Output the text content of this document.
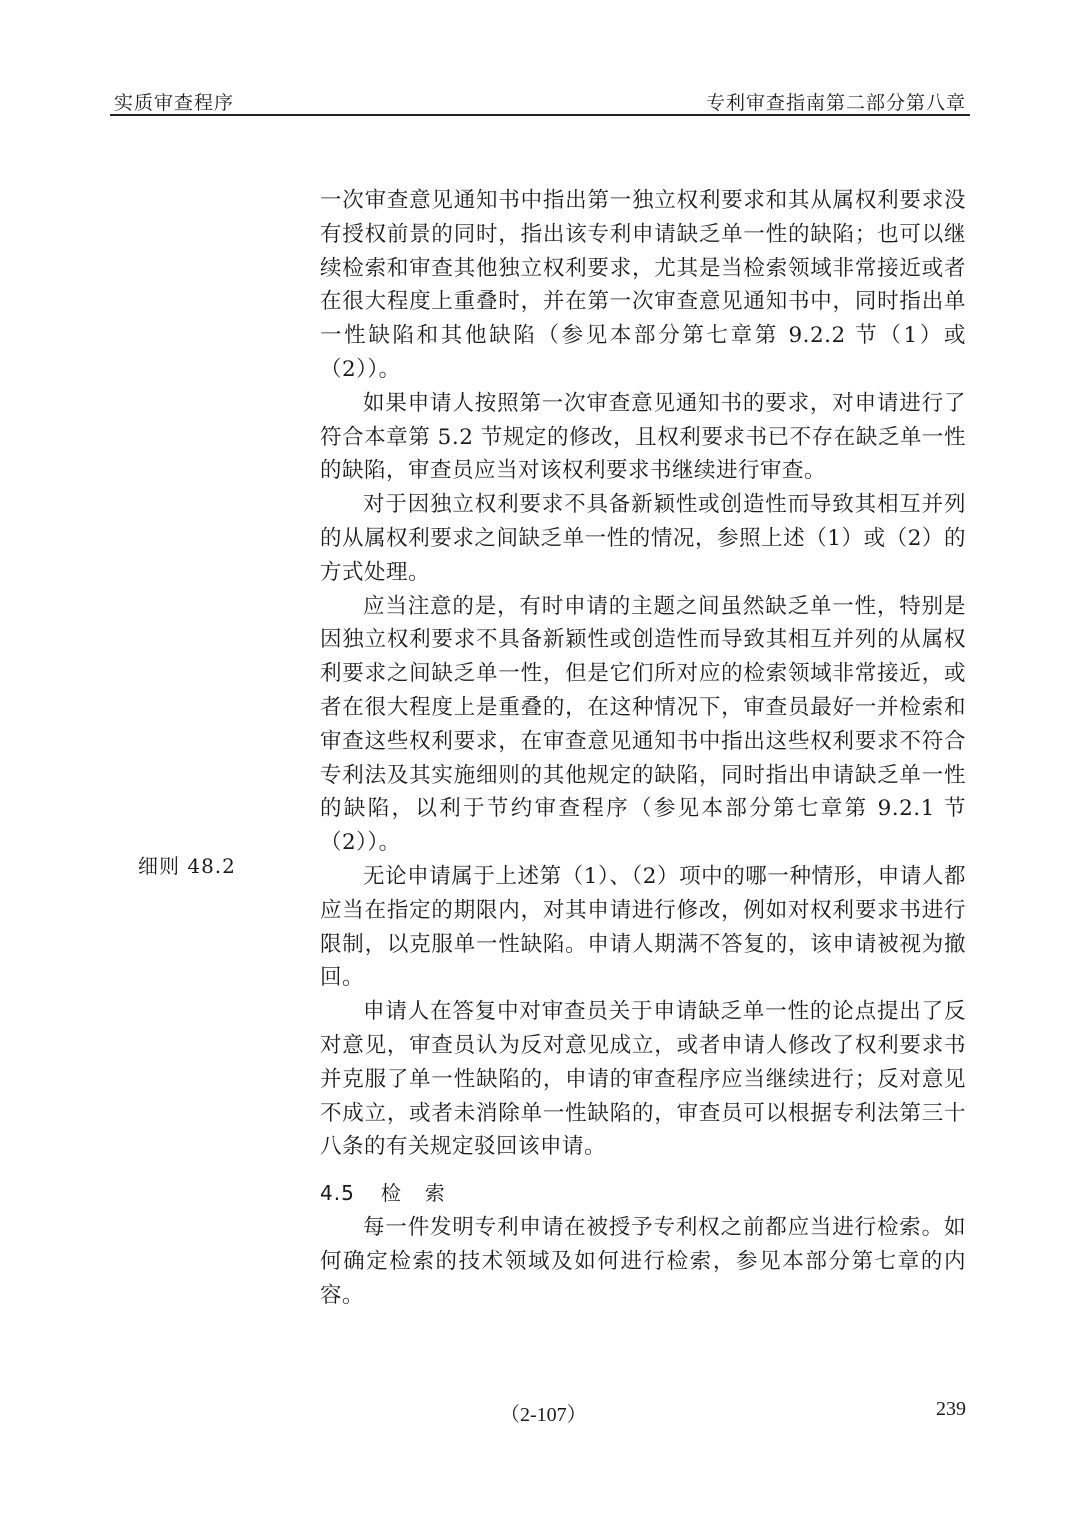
实质审查程序	专利审查指南第二部分第八章
细则 48.2

一次审查意见通知书中指出第一独立权利要求和其从属权利要求没有授权前景的同时，指出该专利申请缺乏单一性的缺陷；也可以继续检索和审查其他独立权利要求，尤其是当检索领域非常接近或者在很大程度上重叠时，并在第一次审查意见通知书中，同时指出单一性缺陷和其他缺陷（参见本部分第七章第 9.2.2 节（1）或（2））。

如果申请人按照第一次审查意见通知书的要求，对申请进行了符合本章第 5.2 节规定的修改，且权利要求书已不存在缺乏单一性的缺陷，审查员应当对该权利要求书继续进行审查。

对于因独立权利要求不具备新颖性或创造性而导致其相互并列的从属权利要求之间缺乏单一性的情况，参照上述（1）或（2）的方式处理。

应当注意的是，有时申请的主题之间虽然缺乏单一性，特别是因独立权利要求不具备新颖性或创造性而导致其相互并列的从属权利要求之间缺乏单一性，但是它们所对应的检索领域非常接近，或者在很大程度上是重叠的，在这种情况下，审查员最好一并检索和审查这些权利要求，在审查意见通知书中指出这些权利要求不符合专利法及其实施细则的其他规定的缺陷，同时指出申请缺乏单一性的缺陷，以利于节约审查程序（参见本部分第七章第 9.2.1 节（2））。

无论申请属于上述第（1）、（2）项中的哪一种情形，申请人都应当在指定的期限内，对其申请进行修改，例如对权利要求书进行限制，以克服单一性缺陷。申请人期满不答复的，该申请被视为撤回。

申请人在答复中对审查员关于申请缺乏单一性的论点提出了反对意见，审查员认为反对意见成立，或者申请人修改了权利要求书并克服了单一性缺陷的，申请的审查程序应当继续进行；反对意见不成立，或者未消除单一性缺陷的，审查员可以根据专利法第三十八条的有关规定驳回该申请。

4.5 检索

每一件发明专利申请在被授予专利权之前都应当进行检索。如何确定检索的技术领域及如何进行检索，参见本部分第七章的内容。

（2-107）	239
